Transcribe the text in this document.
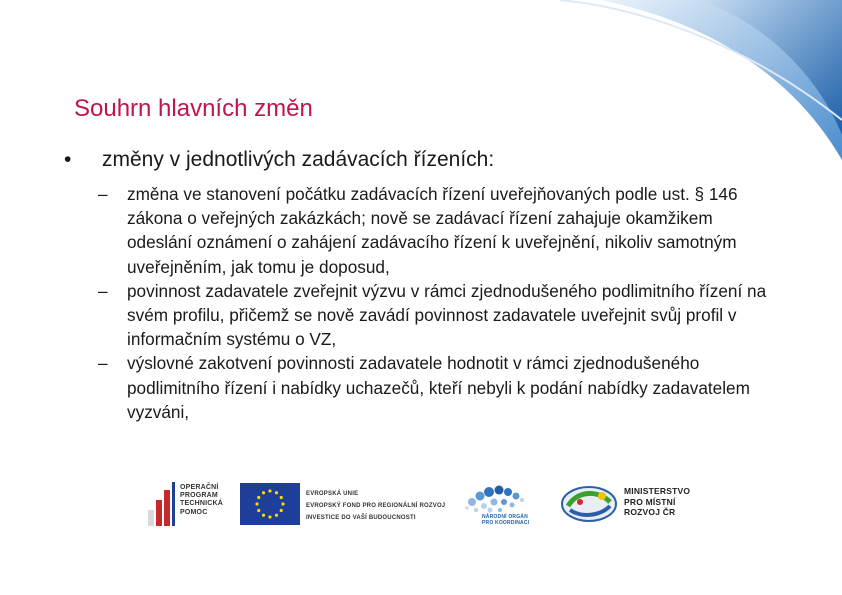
Souhrn hlavních změn
• změny v jednotlivých zadávacích řízeních:
– změna ve stanovení počátku zadávacích řízení uveřejňovaných podle ust. § 146 zákona o veřejných zakázkách; nově se zadávací řízení zahajuje okamžikem odeslání oznámení o zahájení zadávacího řízení k uveřejnění, nikoliv samotným uveřejněním, jak tomu je doposud,
– povinnost zadavatele zveřejnit výzvu v rámci zjednodušeného podlimitního řízení na svém profilu, přičemž se nově zavádí povinnost zadavatele uveřejnit svůj profil v informačním systému o VZ,
– výslovné zakotvení povinnosti zadavatele hodnotit v rámci zjednodušeného podlimitního řízení i nabídky uchazečů, kteří nebyli k podání nabídky zadavatelem vyzváni,
OPERAČNÍ
PROGRAM
TECHNICKÁ
POMOC
EVROPSKÁ UNIE
EVROPSKÝ FOND PRO REGIONÁLNÍ ROZVOJ
INVESTICE DO VAŠÍ BUDOUCNOSTI	NÁRODNÍ ORGÁN
PRO KOORDINACI
MINISTERSTVO
PRO MÍSTNÍ
ROZVOJ ČR
